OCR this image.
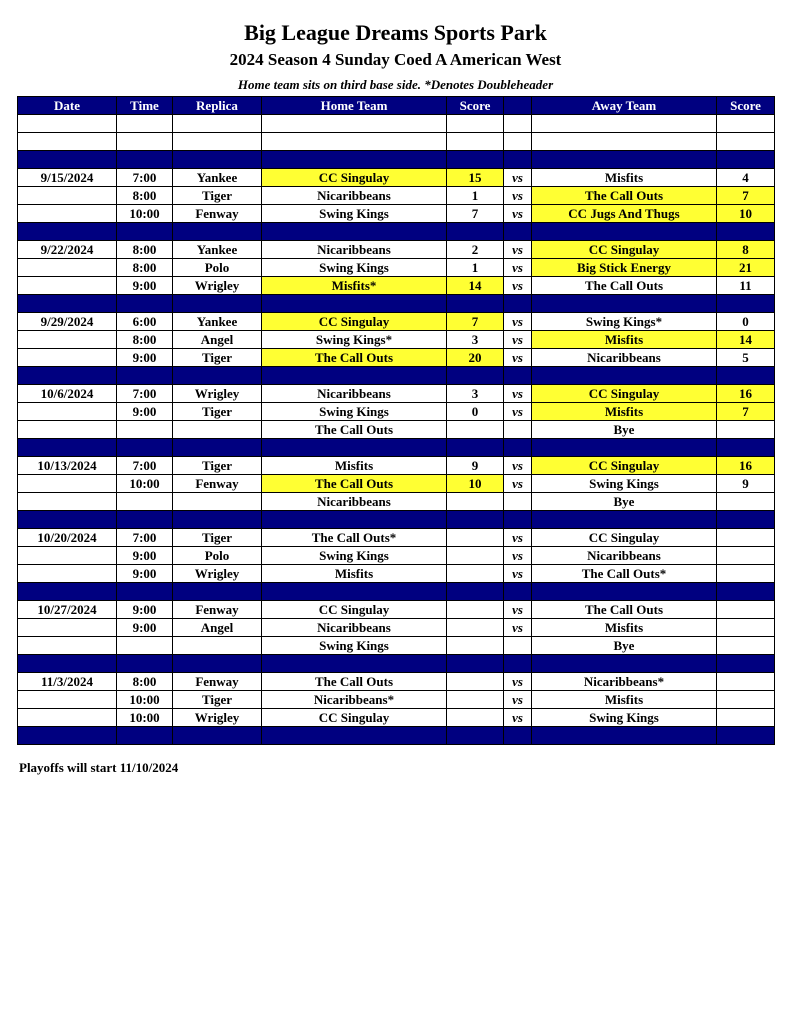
Big League Dreams Sports Park
2024 Season 4 Sunday Coed A American West
Home team sits on third base side. *Denotes Doubleheader
Date	Time	Replica	Home Team	Score		Away Team	Score

9/15/2024	7:00	Yankee	CC Singulay	15	vs	Misfits	4
	8:00	Tiger	Nicaribbeans	1	vs	The Call Outs	7
	10:00	Fenway	Swing Kings	7	vs	CC Jugs And Thugs	10

9/22/2024	8:00	Yankee	Nicaribbeans	2	vs	CC Singulay	8
	8:00	Polo	Swing Kings	1	vs	Big Stick Energy	21
	9:00	Wrigley	Misfits*	14	vs	The Call Outs	11

9/29/2024	6:00	Yankee	CC Singulay	7	vs	Swing Kings*	0
	8:00	Angel	Swing Kings*	3	vs	Misfits	14
	9:00	Tiger	The Call Outs	20	vs	Nicaribbeans	5

10/6/2024	7:00	Wrigley	Nicaribbeans	3	vs	CC Singulay	16
	9:00	Tiger	Swing Kings	0	vs	Misfits	7
			The Call Outs			Bye	

10/13/2024	7:00	Tiger	Misfits	9	vs	CC Singulay	16
	10:00	Fenway	The Call Outs	10	vs	Swing Kings	9
			Nicaribbeans			Bye	

10/20/2024	7:00	Tiger	The Call Outs*		vs	CC Singulay	
	9:00	Polo	Swing Kings		vs	Nicaribbeans	
	9:00	Wrigley	Misfits		vs	The Call Outs*	

10/27/2024	9:00	Fenway	CC Singulay		vs	The Call Outs	
	9:00	Angel	Nicaribbeans		vs	Misfits	
			Swing Kings			Bye	

11/3/2024	8:00	Fenway	The Call Outs		vs	Nicaribbeans*	
	10:00	Tiger	Nicaribbeans*		vs	Misfits	
	10:00	Wrigley	CC Singulay		vs	Swing Kings	

Playoffs will start 11/10/2024
